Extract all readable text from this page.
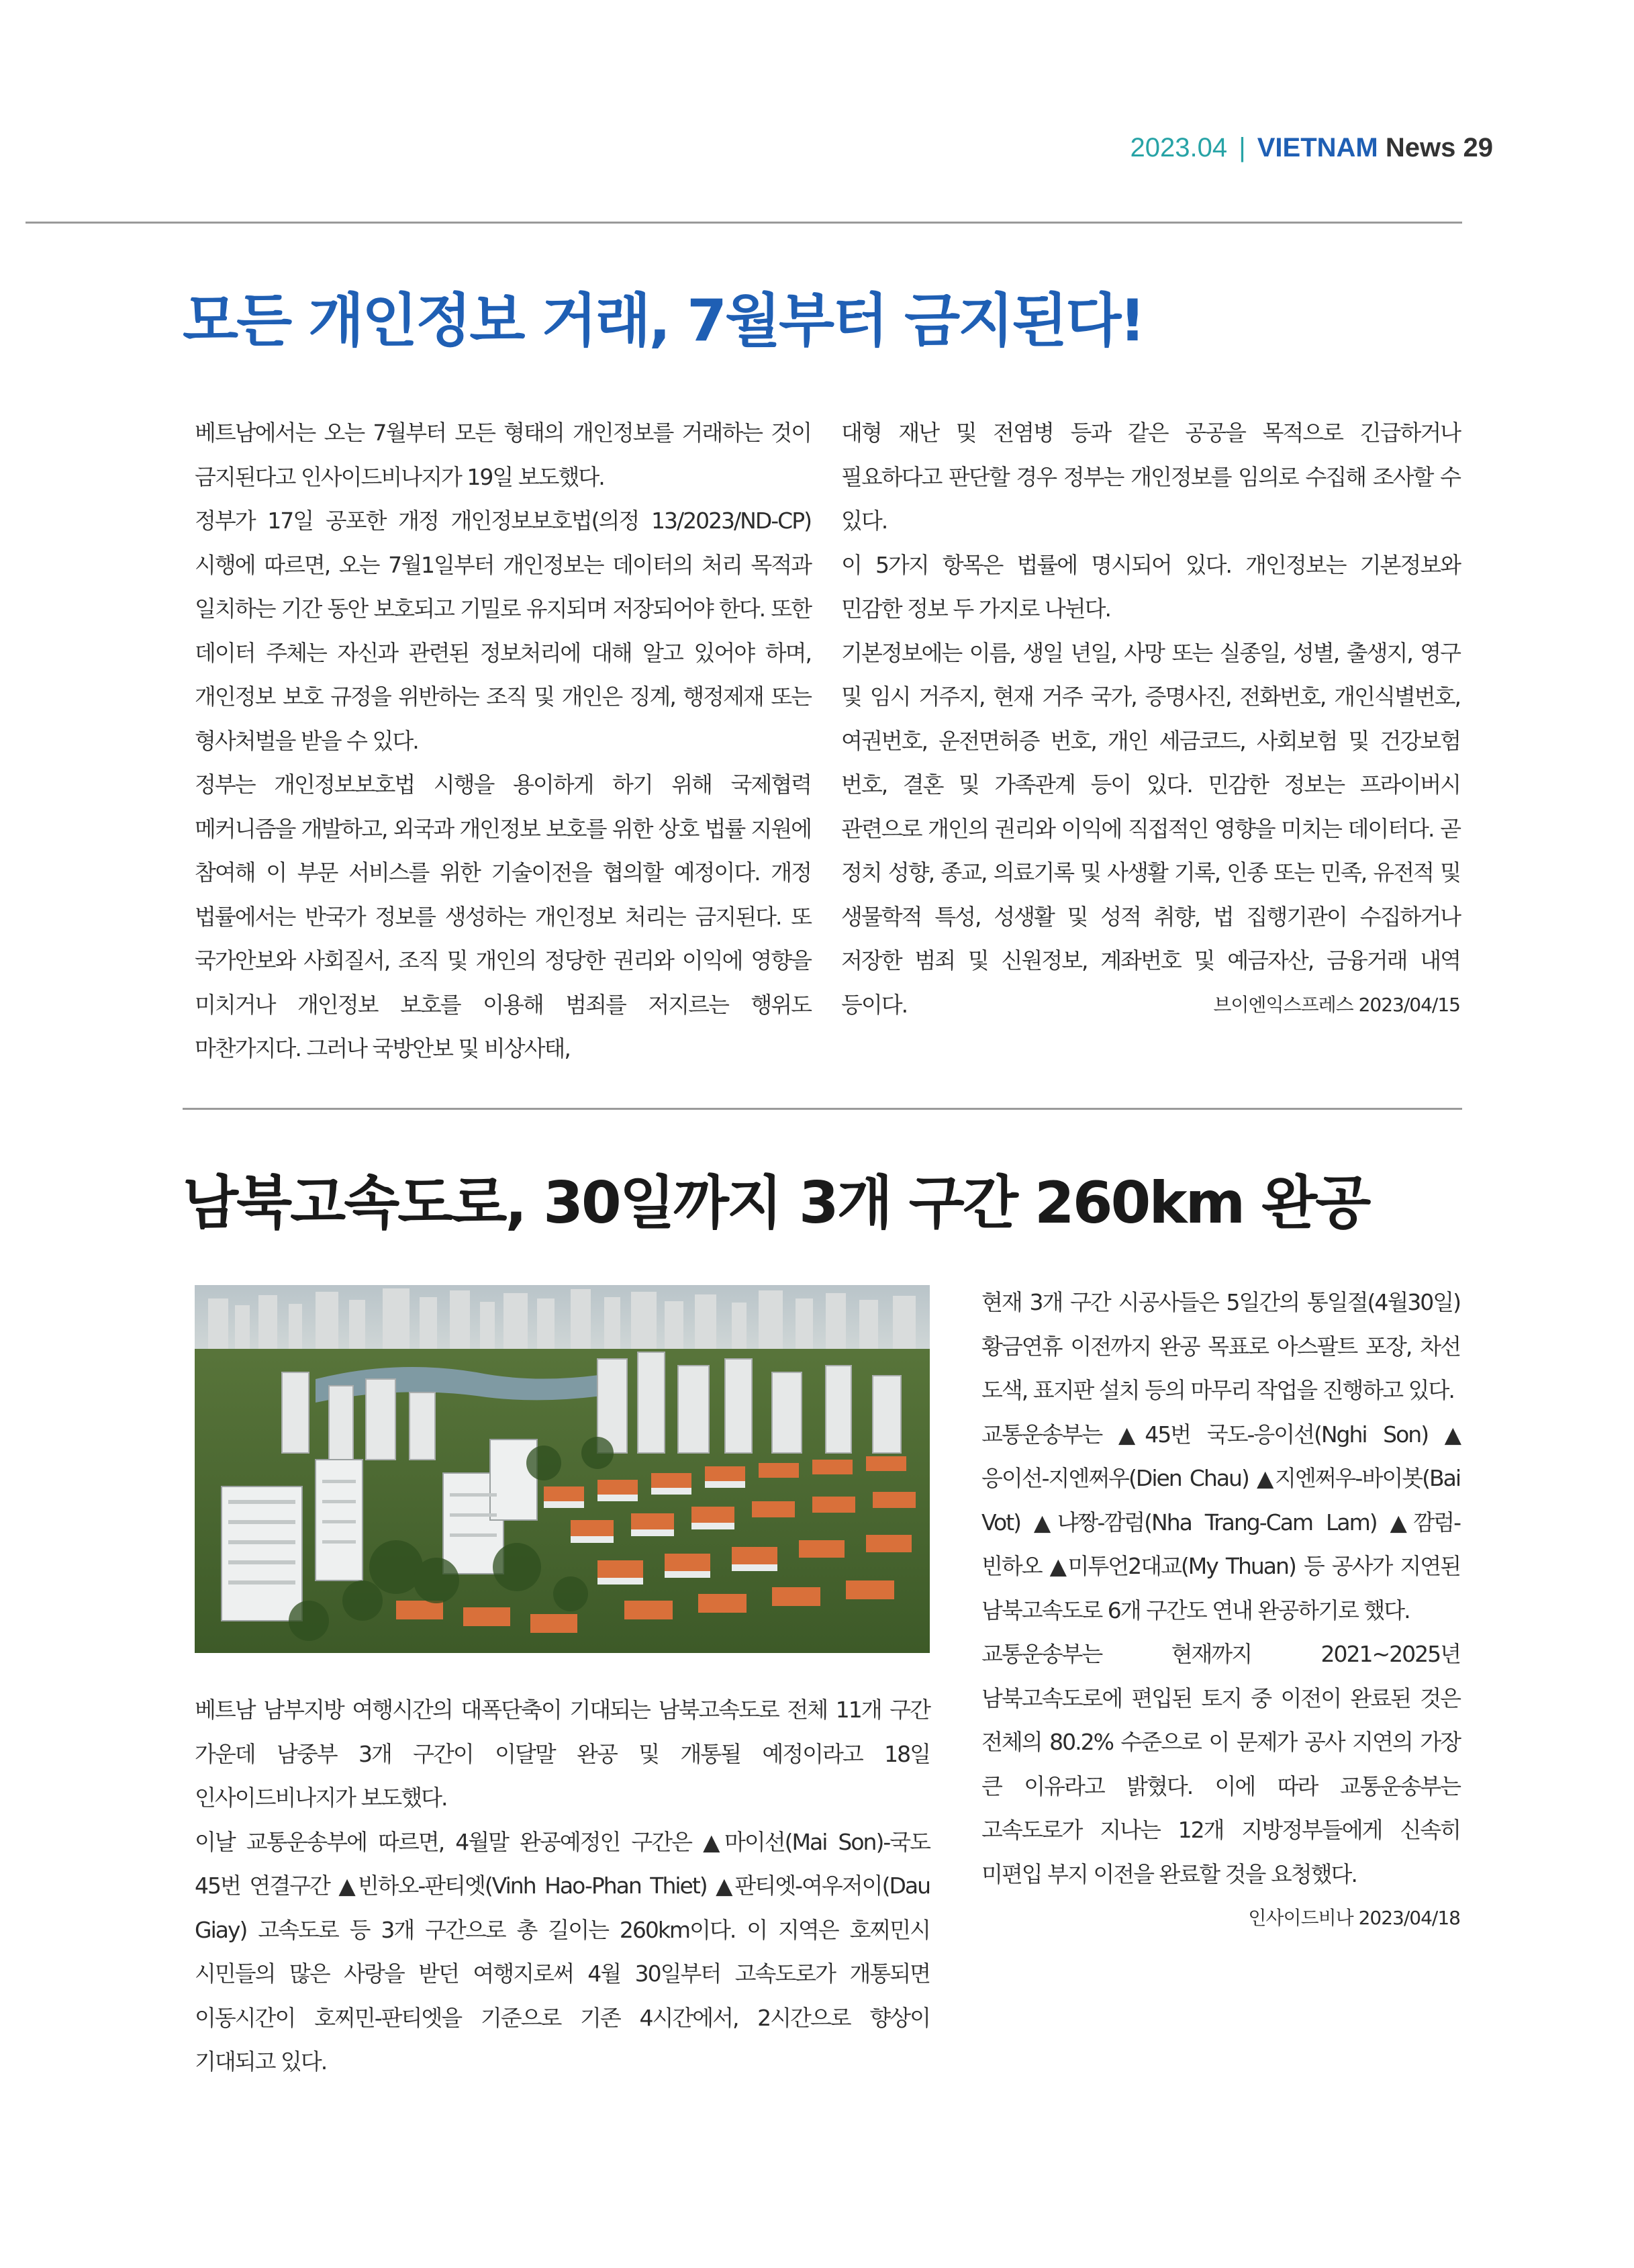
2023.04 | VIETNAM News 29
모든 개인정보 거래, 7월부터 금지된다!

베트남에서는 오는 7월부터 모든 형태의 개인정보를 거래하는 것이 금지된다고 인사이드비나지가 19일 보도했다.

정부가 17일 공포한 개정 개인정보보호법(의정 13/2023/ND-CP) 시행에 따르면, 오는 7월1일부터 개인정보는 데이터의 처리 목적과 일치하는 기간 동안 보호되고 기밀로 유지되며 저장되어야 한다. 또한 데이터 주체는 자신과 관련된 정보처리에 대해 알고 있어야 하며, 개인정보 보호 규정을 위반하는 조직 및 개인은 징계, 행정제재 또는 형사처벌을 받을 수 있다.

정부는 개인정보보호법 시행을 용이하게 하기 위해 국제협력 메커니즘을 개발하고, 외국과 개인정보 보호를 위한 상호 법률 지원에 참여해 이 부문 서비스를 위한 기술이전을 협의할 예정이다. 개정 법률에서는 반국가 정보를 생성하는 개인정보 처리는 금지된다. 또 국가안보와 사회질서, 조직 및 개인의 정당한 권리와 이익에 영향을 미치거나 개인정보 보호를 이용해 범죄를 저지르는 행위도 마찬가지다. 그러나 국방안보 및 비상사태,

대형 재난 및 전염병 등과 같은 공공을 목적으로 긴급하거나 필요하다고 판단할 경우 정부는 개인정보를 임의로 수집해 조사할 수 있다.

이 5가지 항목은 법률에 명시되어 있다. 개인정보는 기본정보와 민감한 정보 두 가지로 나뉜다.

기본정보에는 이름, 생일 년일, 사망 또는 실종일, 성별, 출생지, 영구 및 임시 거주지, 현재 거주 국가, 증명사진, 전화번호, 개인식별번호, 여권번호, 운전면허증 번호, 개인 세금코드, 사회보험 및 건강보험 번호, 결혼 및 가족관계 등이 있다. 민감한 정보는 프라이버시 관련으로 개인의 권리와 이익에 직접적인 영향을 미치는 데이터다. 곧 정치 성향, 종교, 의료기록 및 사생활 기록, 인종 또는 민족, 유전적 및 생물학적 특성, 성생활 및 성적 취향, 법 집행기관이 수집하거나 저장한 범죄 및 신원정보, 계좌번호 및 예금자산, 금융거래 내역 등이다.	브이엔익스프레스 2023/04/15

남북고속도로, 30일까지 3개 구간 260km 완공

베트남 남부지방 여행시간의 대폭단축이 기대되는 남북고속도로 전체 11개 구간 가운데 남중부 3개 구간이 이달말 완공 및 개통될 예정이라고 18일 인사이드비나지가 보도했다.

이날 교통운송부에 따르면, 4월말 완공예정인 구간은 ▲마이선(Mai Son)-국도 45번 연결구간 ▲빈하오-판티엣(Vinh Hao-Phan Thiet) ▲판티엣-여우저이(Dau Giay) 고속도로 등 3개 구간으로 총 길이는 260km이다. 이 지역은 호찌민시 시민들의 많은 사랑을 받던 여행지로써 4월 30일부터 고속도로가 개통되면 이동시간이 호찌민-판티엣을 기준으로 기존 4시간에서, 2시간으로 향상이 기대되고 있다.

현재 3개 구간 시공사들은 5일간의 통일절(4월30일) 황금연휴 이전까지 완공 목표로 아스팔트 포장, 차선 도색, 표지판 설치 등의 마무리 작업을 진행하고 있다.

교통운송부는 ▲45번 국도-응이선(Nghi Son) ▲응이선-지엔쩌우(Dien Chau) ▲지엔쩌우-바이봇(Bai Vot) ▲냐짱-깜럼(Nha Trang-Cam Lam) ▲깜럼-빈하오 ▲미투언2대교(My Thuan) 등 공사가 지연된 남북고속도로 6개 구간도 연내 완공하기로 했다.

교통운송부는 현재까지 2021~2025년 남북고속도로에 편입된 토지 중 이전이 완료된 것은 전체의 80.2% 수준으로 이 문제가 공사 지연의 가장 큰 이유라고 밝혔다. 이에 따라 교통운송부는 고속도로가 지나는 12개 지방정부들에게 신속히 미편입 부지 이전을 완료할 것을 요청했다.

인사이드비나 2023/04/18
